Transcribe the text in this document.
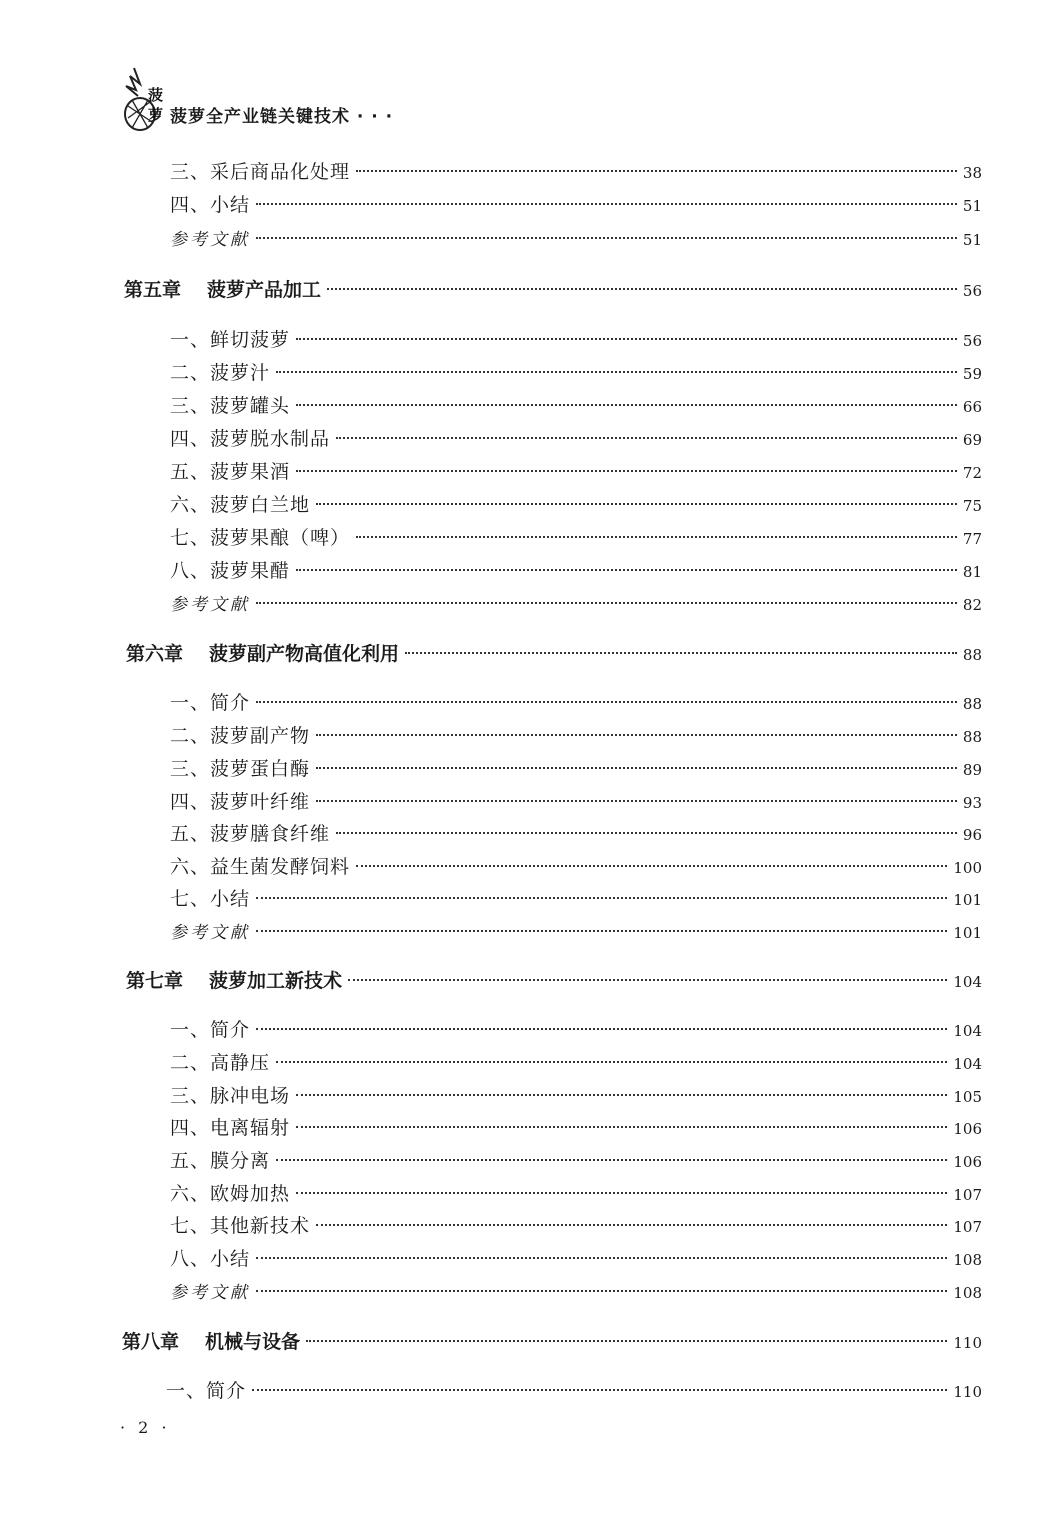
菠
萝 菠萝全产业链关键技术 · · ·
三、采后商品化处理	38
四、小结	51
参考文献	51
第五章 菠萝产品加工	56
一、鲜切菠萝	56
二、菠萝汁	59
三、菠萝罐头	66
四、菠萝脱水制品	69
五、菠萝果酒	72
六、菠萝白兰地	75
七、菠萝果酿（啤）	77
八、菠萝果醋	81
参考文献	82
第六章 菠萝副产物高值化利用	88
一、简介	88
二、菠萝副产物	88
三、菠萝蛋白酶	89
四、菠萝叶纤维	93
五、菠萝膳食纤维	96
六、益生菌发酵饲料	100
七、小结	101
参考文献	101
第七章 菠萝加工新技术	104
一、简介	104
二、高静压	104
三、脉冲电场	105
四、电离辐射	106
五、膜分离	106
六、欧姆加热	107
七、其他新技术	107
八、小结	108
参考文献	108
第八章 机械与设备	110
一、简介	110
· 2 ·
